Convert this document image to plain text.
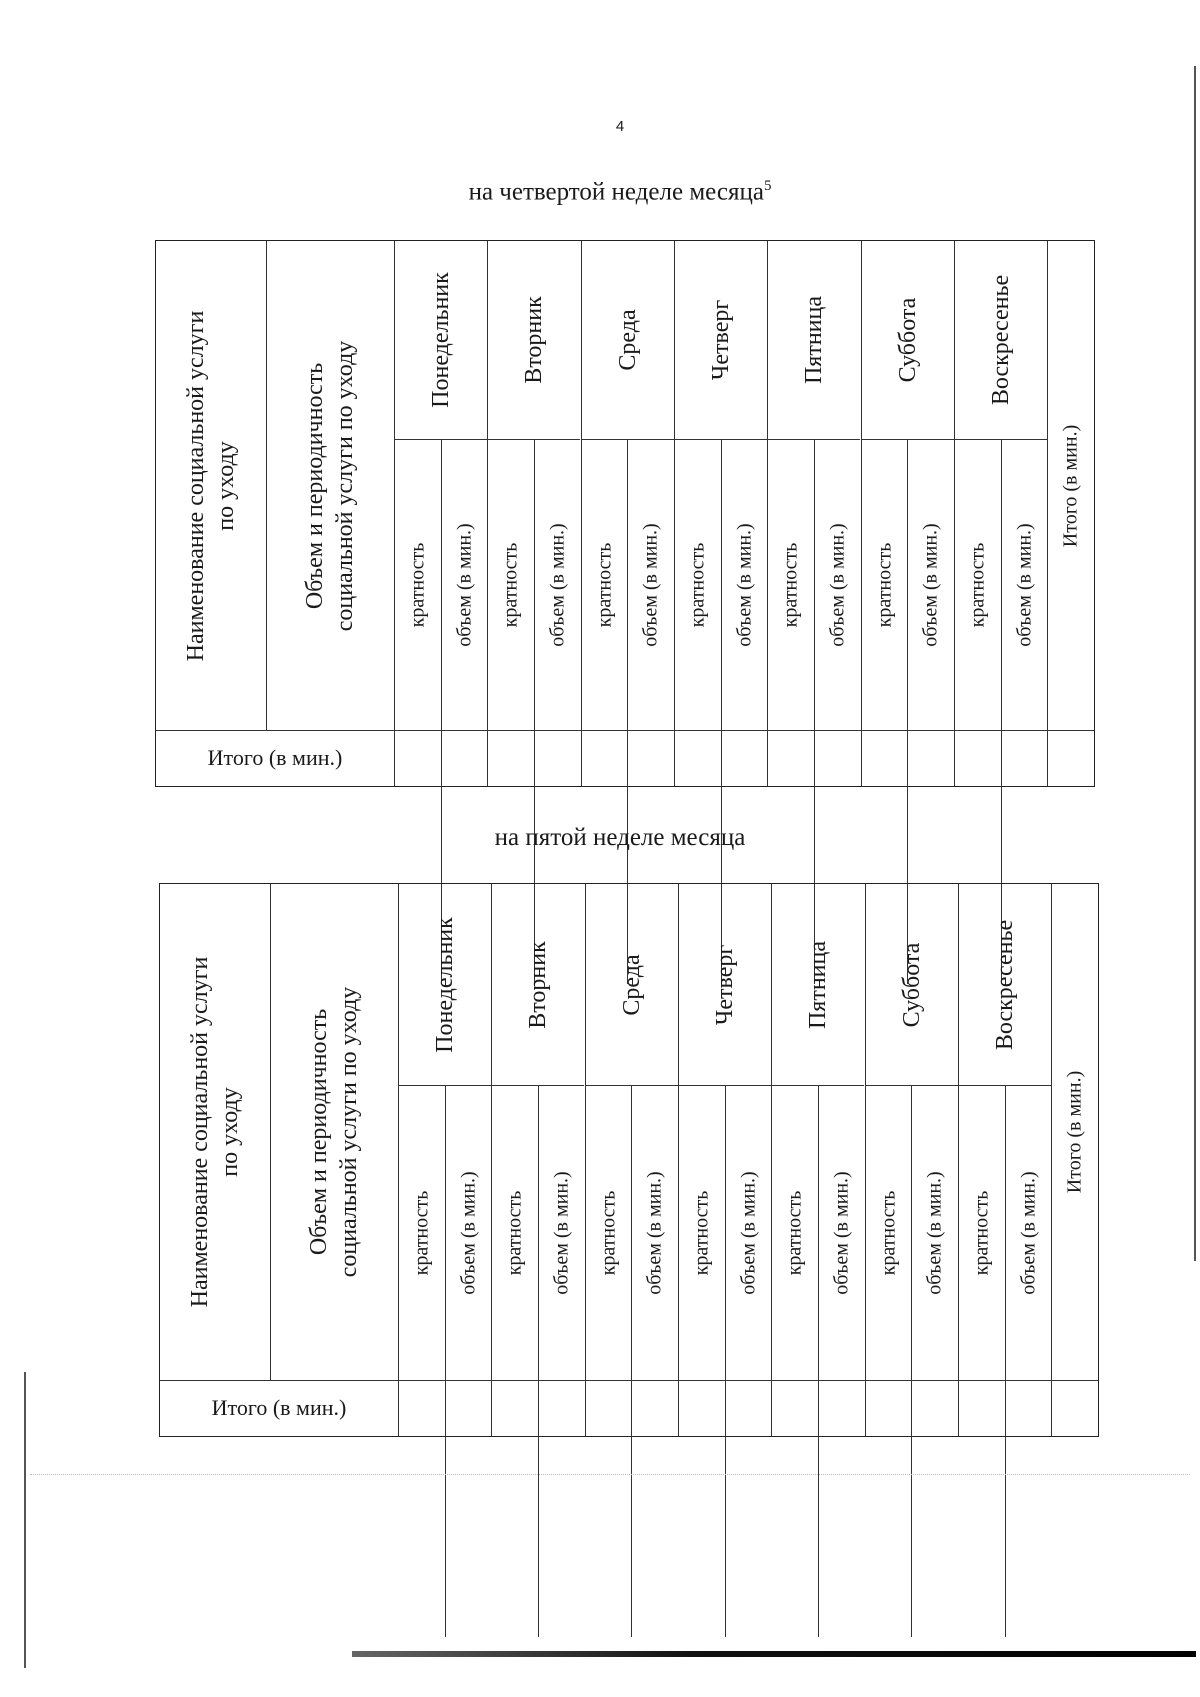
4
на четвертой неделе месяца$^5$
Наименование социальной услуги по уходу	Объем и периодичность социальной услуги по уходу
Понедельник
кратность объем (в мин.)
Вторник
кратность объем (в мин.)
Среда
кратность объем (в мин.)
Четверг
кратность объем (в мин.)
Пятница
кратность объем (в мин.)
Суббота
кратность объем (в мин.)
Воскресенье
кратность объем (в мин.)
Итого (в мин.)
Итого (в мин.)
на пятой неделе месяца
Наименование социальной услуги по уходу	Объем и периодичность социальной услуги по уходу
Понедельник
кратность объем (в мин.)
Вторник
кратность объем (в мин.)
Среда
кратность объем (в мин.)
Четверг
кратность объем (в мин.)
Пятница
кратность объем (в мин.)
Суббота
кратность объем (в мин.)
Воскресенье
кратность объем (в мин.)
Итого (в мин.)
Итого (в мин.)
